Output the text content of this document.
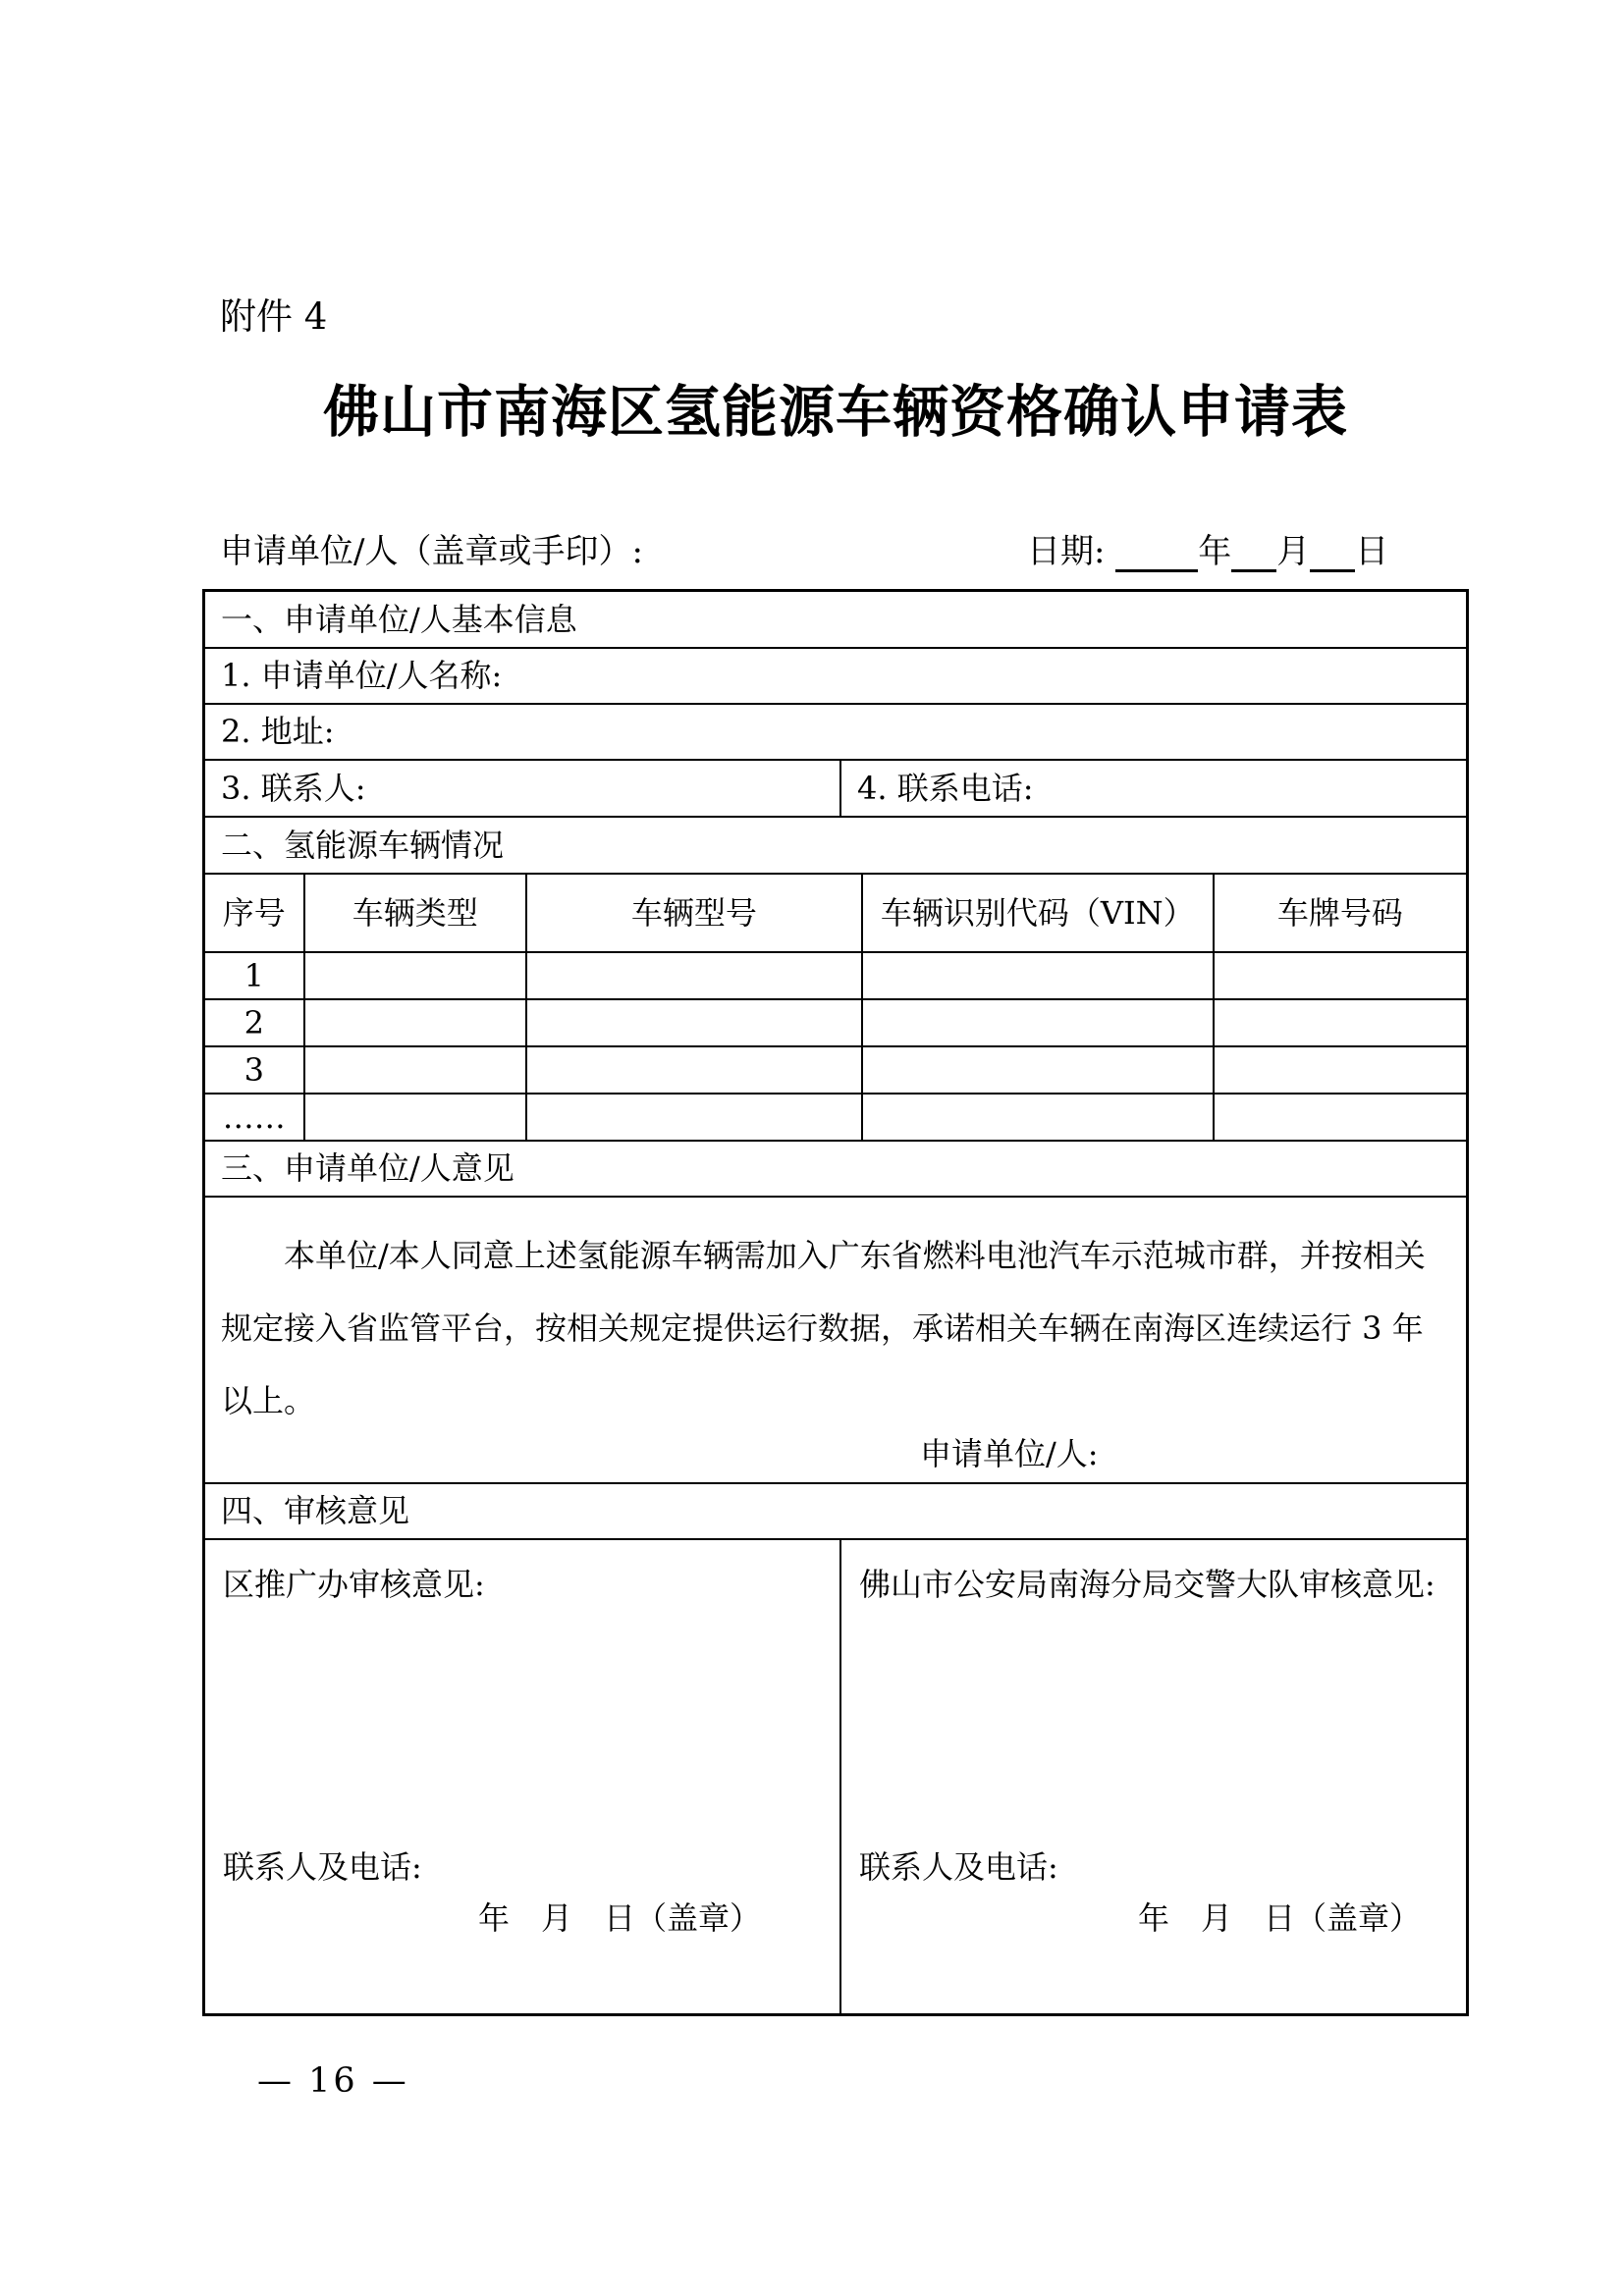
附件 4
佛山市南海区氢能源车辆资格确认申请表
申请单位/人（盖章或手印）:	日期:	年 月 日
一、申请单位/人基本信息
1. 申请单位/人名称:
2. 地址:
3. 联系人:	4. 联系电话:
二、氢能源车辆情况
序号	车辆类型	车辆型号	车辆识别代码（VIN）	车牌号码
1
2
3
……
三、申请单位/人意见
本单位/本人同意上述氢能源车辆需加入广东省燃料电池汽车示范城市群，并按相关
规定接入省监管平台，按相关规定提供运行数据，承诺相关车辆在南海区连续运行 3 年
以上。
申请单位/人:
四、审核意见
区推广办审核意见:
联系人及电话:
年　月　日（盖章）
佛山市公安局南海分局交警大队审核意见:
联系人及电话:
年　月　日（盖章）
— 16 —
